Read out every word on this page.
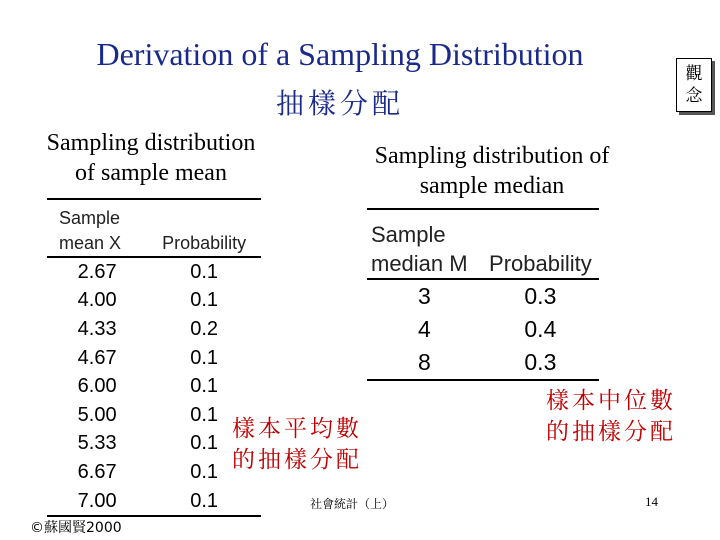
Derivation of a Sampling Distribution
抽樣分配
觀
念
Sampling distribution
of sample mean
Sample
mean X	Probability
2.67	0.1
4.00	0.1
4.33	0.2
4.67	0.1
6.00	0.1
5.00	0.1
5.33	0.1
6.67	0.1
7.00	0.1
Sampling distribution of
sample median
Sample
median M	Probability
3	0.3
4	0.4
8	0.3
樣本平均數
的抽樣分配
樣本中位數
的抽樣分配
社會統計（上）	14
©蘇國賢2000
